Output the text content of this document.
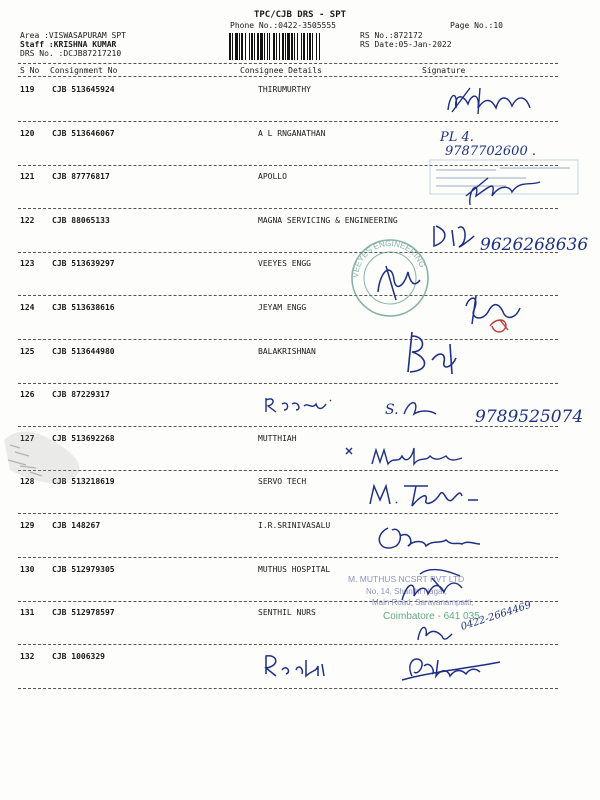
TPC/CJB DRS - SPT
Phone No.:0422-3505555	Page No.:10
Area :VISWASAPURAM SPT
Staff :KRISHNA KUMAR
DRS No. :DCJB87217210
RS No.:872172
RS Date:05-Jan-2022
S No Consignment No	Consignee Details	Signature
119 CJB 513645924	THIRUMURTHY
120 CJB 513646067	A L RNGANATHAN
121 CJB 87776817	APOLLO
122 CJB 88065133	MAGNA SERVICING & ENGINEERING
123 CJB 513639297	VEEYES ENGG
124 CJB 513638616	JEYAM ENGG
125 CJB 513644980	BALAKRISHNAN
126 CJB 87229317
127 CJB 513692268	MUTTHIAH
128 CJB 513218619	SERVO TECH
129 CJB 148267	I.R.SRINIVASALU
130 CJB 512979305	MUTHUS HOSPITAL
131 CJB 512978597	SENTHIL NURS
132 CJB 1006329
PL 4.
9787702600 .
9626268636
VEEYES ENGINEERING
S.	9789525074
M. MUTHUS NCSRT PVT LTD
No. 14, Shanthi Nagar,
Main Road, Saravanampatti,
Coimbatore - 641 035.
0422-2664469
